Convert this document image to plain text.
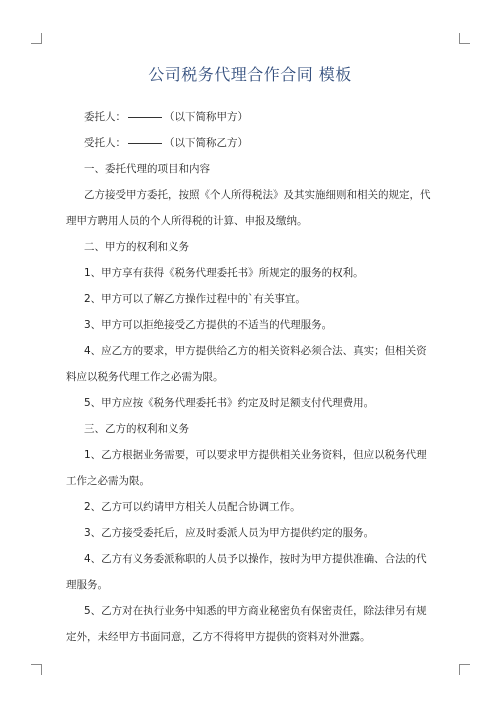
公司税务代理合作合同 模板

委托人：	（以下简称甲方）

受托人：	（以下简称乙方）

一、委托代理的项目和内容

乙方接受甲方委托，按照《个人所得税法》及其实施细则和相关的规定，代理甲方聘用人员的个人所得税的计算、申报及缴纳。

二、甲方的权利和义务

1、甲方享有获得《税务代理委托书》所规定的服务的权利。

2、甲方可以了解乙方操作过程中的`有关事宜。

3、甲方可以拒绝接受乙方提供的不适当的代理服务。

4、应乙方的要求，甲方提供给乙方的相关资料必须合法、真实；但相关资料应以税务代理工作之必需为限。

5、甲方应按《税务代理委托书》约定及时足额支付代理费用。

三、乙方的权利和义务

1、乙方根据业务需要，可以要求甲方提供相关业务资料，但应以税务代理工作之必需为限。

2、乙方可以约请甲方相关人员配合协调工作。

3、乙方接受委托后，应及时委派人员为甲方提供约定的服务。

4、乙方有义务委派称职的人员予以操作，按时为甲方提供准确、合法的代理服务。

5、乙方对在执行业务中知悉的甲方商业秘密负有保密责任，除法律另有规定外，未经甲方书面同意，乙方不得将甲方提供的资料对外泄露。
